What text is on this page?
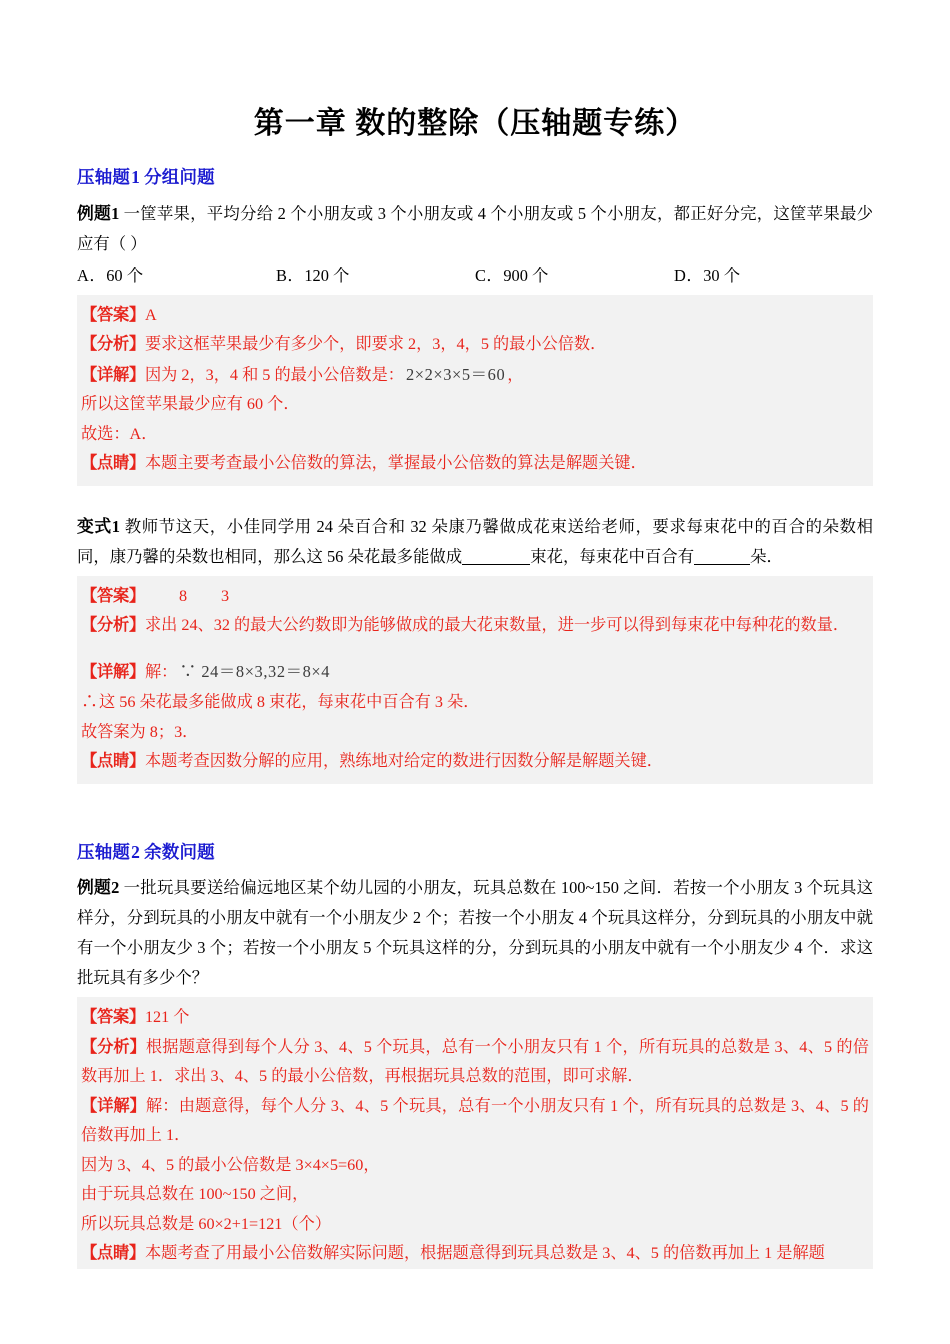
第一章 数的整除（压轴题专练）
压轴题1 分组问题

例题1 一筐苹果，平均分给 2 个小朋友或 3 个小朋友或 4 个小朋友或 5 个小朋友，都正好分完，这筐苹果最少应有（ ）

A．60 个	B．120 个	C．900 个	D．30 个

【答案】A

【分析】要求这框苹果最少有多少个，即要求 2，3，4，5 的最小公倍数．

【详解】因为 2，3，4 和 5 的最小公倍数是： 2×2×3×5＝60 ，

所以这筐苹果最少应有 60 个．

故选：A．

【点睛】本题主要考查最小公倍数的算法，掌握最小公倍数的算法是解题关键．

变式1 教师节这天，小佳同学用 24 朵百合和 32 朵康乃馨做成花束送给老师，要求每束花中的百合的朵数相同，康乃馨的朵数也相同，那么这 56 朵花最多能做成	束花，每束花中百合有	朵．

【答案】 8 3

【分析】求出 24、32 的最大公约数即为能够做成的最大花束数量，进一步可以得到每束花中每种花的数量．

【详解】解： ∵ 24＝8×3,32＝8×4

∴这 56 朵花最多能做成 8 束花，每束花中百合有 3 朵．

故答案为 8；3．

【点睛】本题考查因数分解的应用，熟练地对给定的数进行因数分解是解题关键．

压轴题2 余数问题

例题2 一批玩具要送给偏远地区某个幼儿园的小朋友，玩具总数在 100~150 之间．若按一个小朋友 3 个玩具这样分，分到玩具的小朋友中就有一个小朋友少 2 个；若按一个小朋友 4 个玩具这样分，分到玩具的小朋友中就有一个小朋友少 3 个；若按一个小朋友 5 个玩具这样的分，分到玩具的小朋友中就有一个小朋友少 4 个．求这批玩具有多少个？

【答案】121 个

【分析】根据题意得到每个人分 3、4、5 个玩具，总有一个小朋友只有 1 个，所有玩具的总数是 3、4、5 的倍数再加上 1．求出 3、4、5 的最小公倍数，再根据玩具总数的范围，即可求解．

【详解】解：由题意得，每个人分 3、4、5 个玩具，总有一个小朋友只有 1 个，所有玩具的总数是 3、4、5 的倍数再加上 1．

因为 3、4、5 的最小公倍数是 3×4×5=60，

由于玩具总数在 100~150 之间，

所以玩具总数是 60×2+1=121（个）

【点睛】本题考查了用最小公倍数解实际问题，根据题意得到玩具总数是 3、4、5 的倍数再加上 1 是解题
